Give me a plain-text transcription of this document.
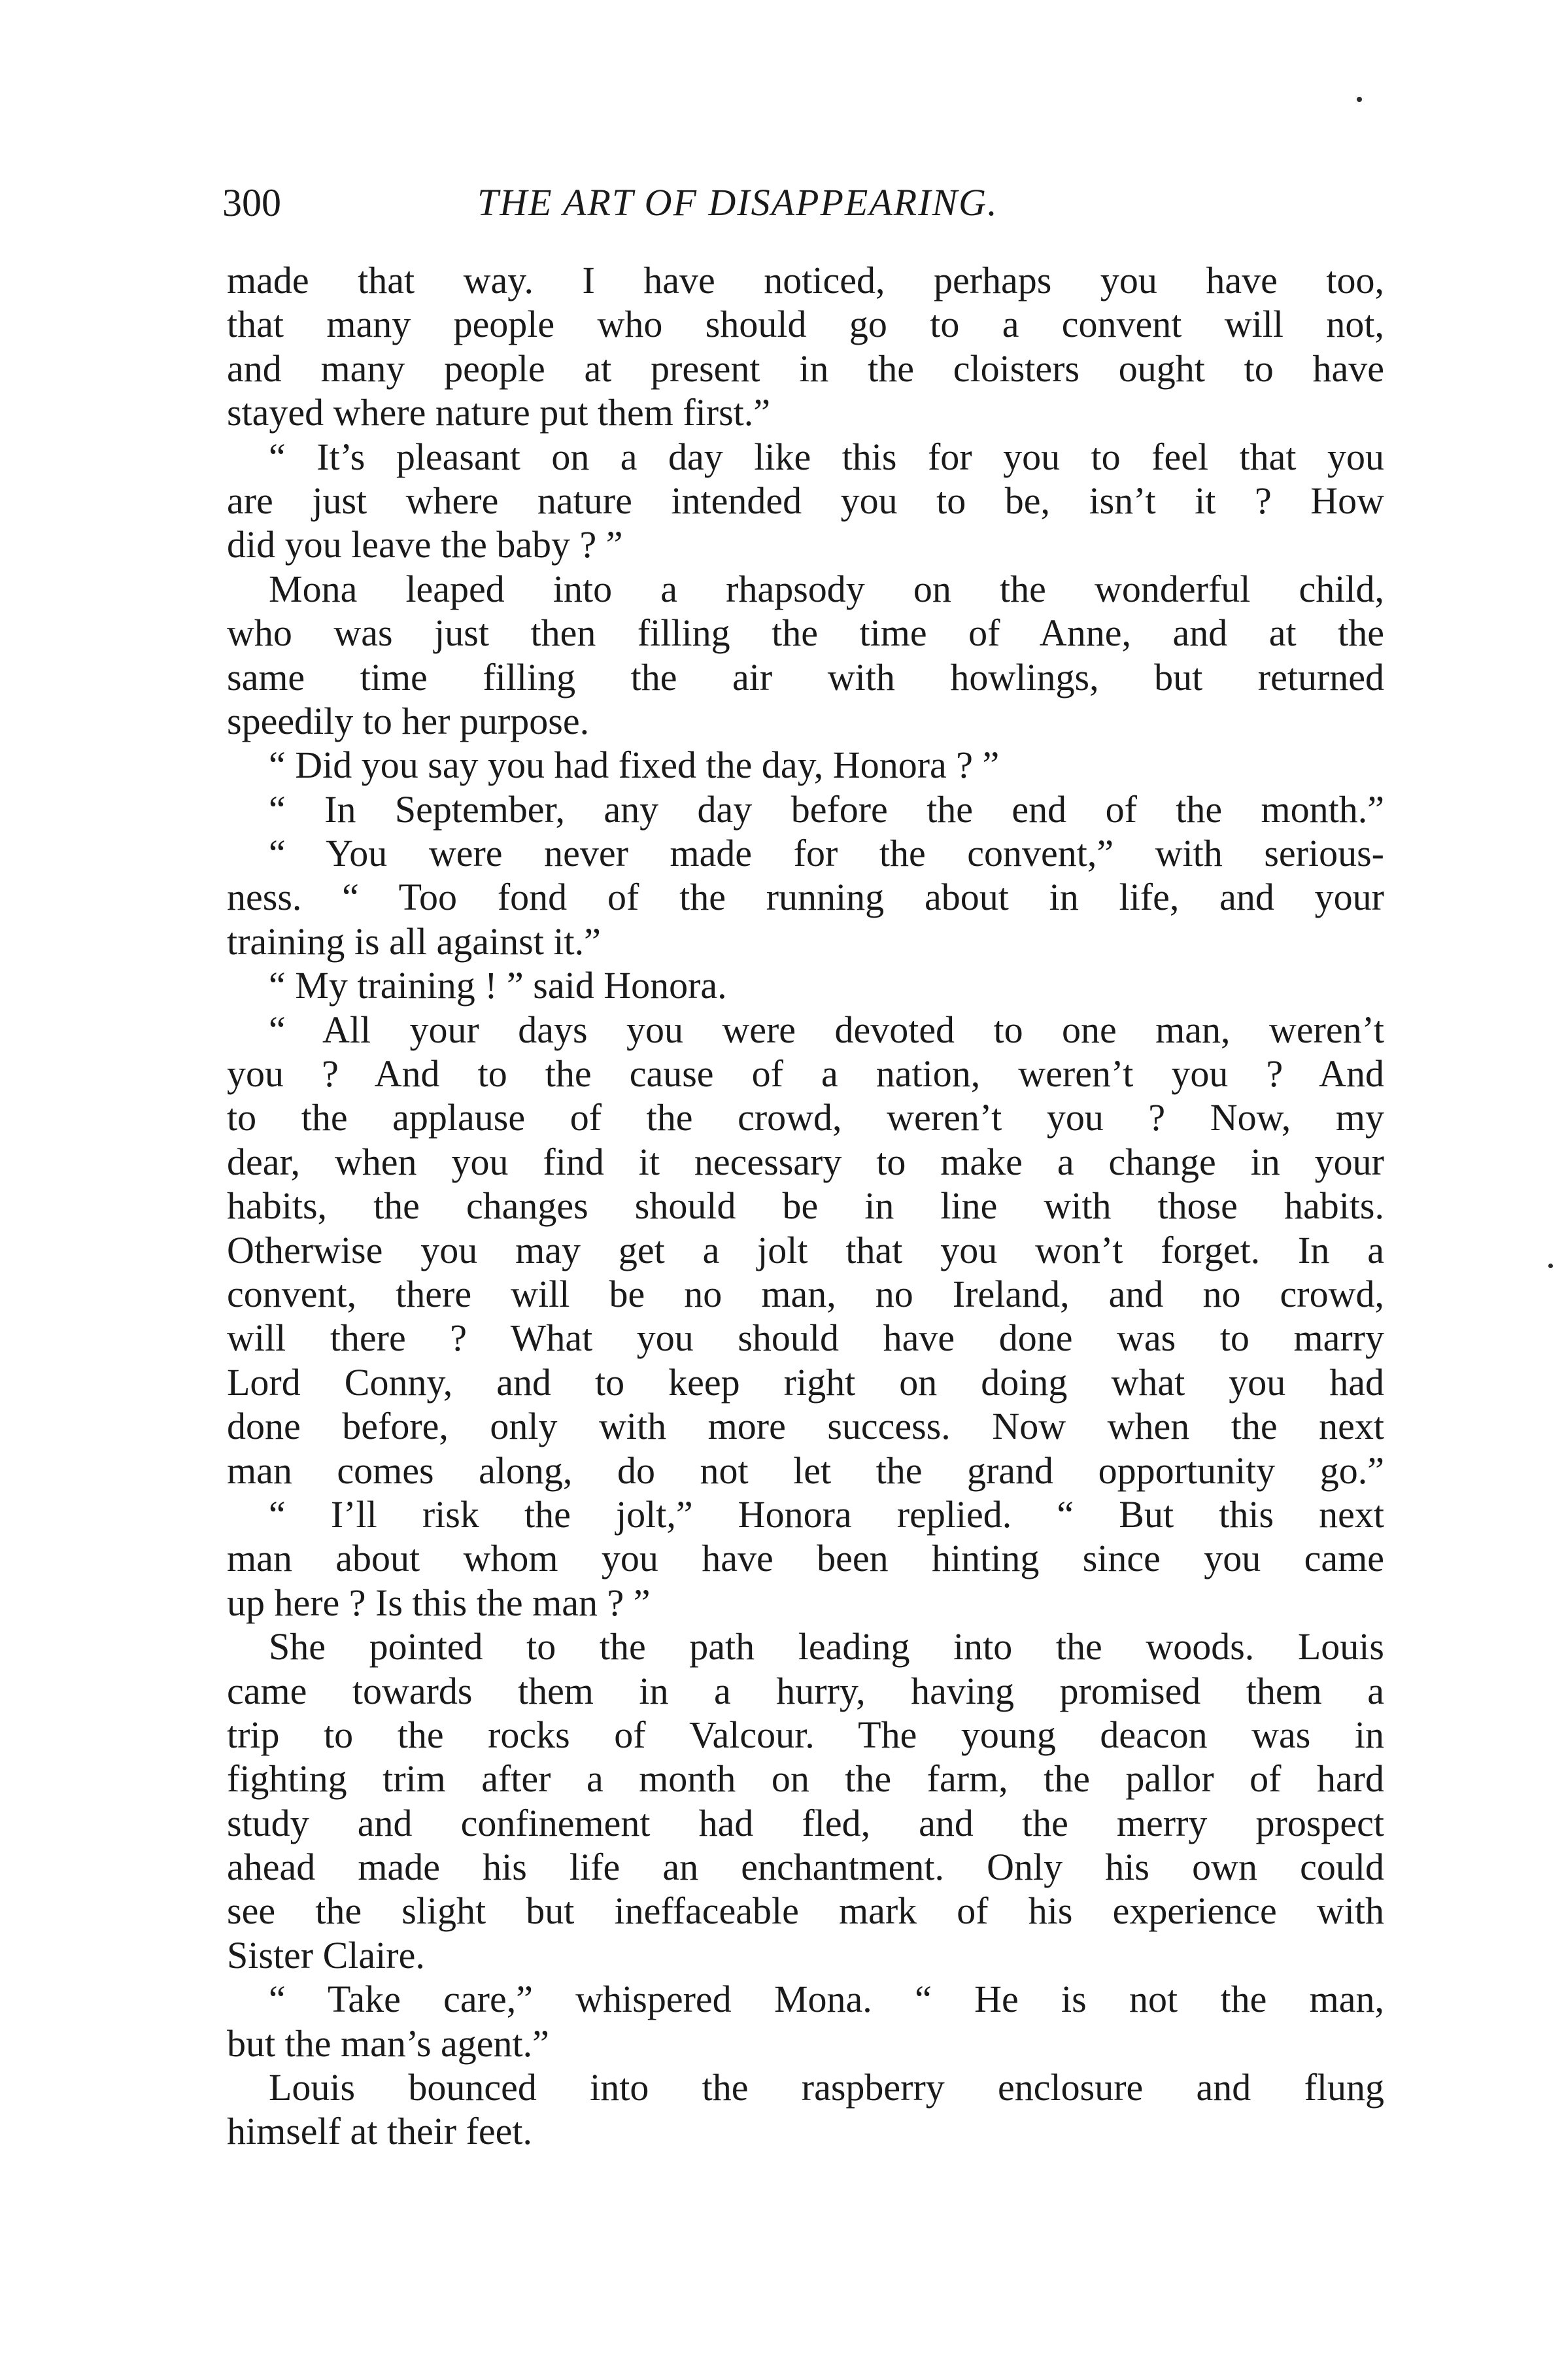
300	THE ART OF DISAPPEARING.
made that way. I have noticed, perhaps you have too,
that many people who should go to a convent will not,
and many people at present in the cloisters ought to have
stayed where nature put them first.”
“ It’s pleasant on a day like this for you to feel that you
are just where nature intended you to be, isn’t it ? How
did you leave the baby ? ”
Mona leaped into a rhapsody on the wonderful child,
who was just then filling the time of Anne, and at the
same time filling the air with howlings, but returned
speedily to her purpose.
“ Did you say you had fixed the day, Honora ? ”
“ In September, any day before the end of the month.”
“ You were never made for the convent,” with serious-
ness. “ Too fond of the running about in life, and your
training is all against it.”
“ My training ! ” said Honora.
“ All your days you were devoted to one man, weren’t
you ? And to the cause of a nation, weren’t you ? And
to the applause of the crowd, weren’t you ? Now, my
dear, when you find it necessary to make a change in your
habits, the changes should be in line with those habits.
Otherwise you may get a jolt that you won’t forget. In a
convent, there will be no man, no Ireland, and no crowd,
will there ? What you should have done was to marry
Lord Conny, and to keep right on doing what you had
done before, only with more success. Now when the next
man comes along, do not let the grand opportunity go.”
“ I’ll risk the jolt,” Honora replied. “ But this next
man about whom you have been hinting since you came
up here ? Is this the man ? ”
She pointed to the path leading into the woods. Louis
came towards them in a hurry, having promised them a
trip to the rocks of Valcour. The young deacon was in
fighting trim after a month on the farm, the pallor of hard
study and confinement had fled, and the merry prospect
ahead made his life an enchantment. Only his own could
see the slight but ineffaceable mark of his experience with
Sister Claire.
“ Take care,” whispered Mona. “ He is not the man,
but the man’s agent.”
Louis bounced into the raspberry enclosure and flung
himself at their feet.
